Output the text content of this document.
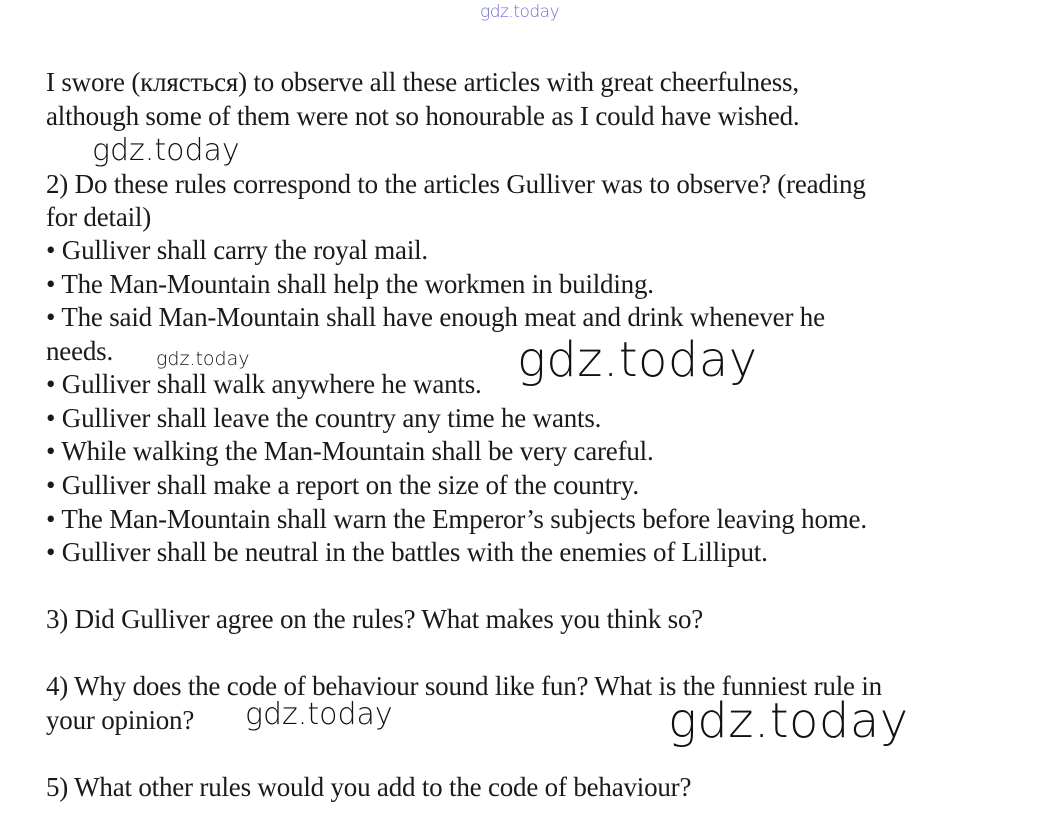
gdz.today
I swore (клясться) to observe all these articles with great cheerfulness,
although some of them were not so honourable as I could have wished.
gdz.today
2) Do these rules correspond to the articles Gulliver was to observe? (reading
for detail)
• Gulliver shall carry the royal mail.
• The Man-Mountain shall help the workmen in building.
• The said Man-Mountain shall have enough meat and drink whenever he
needs. gdz.today	gdz.today
• Gulliver shall walk anywhere he wants.
• Gulliver shall leave the country any time he wants.
• While walking the Man-Mountain shall be very careful.
• Gulliver shall make a report on the size of the country.
• The Man-Mountain shall warn the Emperor’s subjects before leaving home.
• Gulliver shall be neutral in the battles with the enemies of Lilliput.
3) Did Gulliver agree on the rules? What makes you think so?
4) Why does the code of behaviour sound like fun? What is the funniest rule in
your opinion? gdz.today	gdz.today
5) What other rules would you add to the code of behaviour?
